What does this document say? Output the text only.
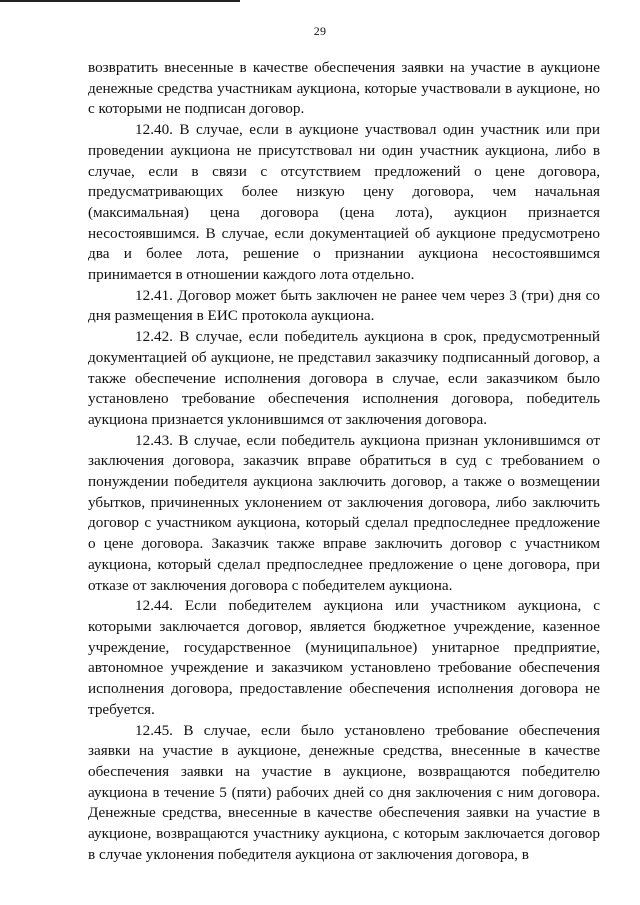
29

возвратить внесенные в качестве обеспечения заявки на участие в аукционе денежные средства участникам аукциона, которые участвовали в аукционе, но с которыми не подписан договор.

12.40. В случае, если в аукционе участвовал один участник или при проведении аукциона не присутствовал ни один участник аукциона, либо в случае, если в связи с отсутствием предложений о цене договора, предусматривающих более низкую цену договора, чем начальная (максимальная) цена договора (цена лота), аукцион признается несостоявшимся. В случае, если документацией об аукционе предусмотрено два и более лота, решение о признании аукциона несостоявшимся принимается в отношении каждого лота отдельно.

12.41. Договор может быть заключен не ранее чем через 3 (три) дня со дня размещения в ЕИС протокола аукциона.

12.42. В случае, если победитель аукциона в срок, предусмотренный документацией об аукционе, не представил заказчику подписанный договор, а также обеспечение исполнения договора в случае, если заказчиком было установлено требование обеспечения исполнения договора, победитель аукциона признается уклонившимся от заключения договора.

12.43. В случае, если победитель аукциона признан уклонившимся от заключения договора, заказчик вправе обратиться в суд с требованием о понуждении победителя аукциона заключить договор, а также о возмещении убытков, причиненных уклонением от заключения договора, либо заключить договор с участником аукциона, который сделал предпоследнее предложение о цене договора. Заказчик также вправе заключить договор с участником аукциона, который сделал предпоследнее предложение о цене договора, при отказе от заключения договора с победителем аукциона.

12.44. Если победителем аукциона или участником аукциона, с которыми заключается договор, является бюджетное учреждение, казенное учреждение, государственное (муниципальное) унитарное предприятие, автономное учреждение и заказчиком установлено требование обеспечения исполнения договора, предоставление обеспечения исполнения договора не требуется.

12.45. В случае, если было установлено требование обеспечения заявки на участие в аукционе, денежные средства, внесенные в качестве обеспечения заявки на участие в аукционе, возвращаются победителю аукциона в течение 5 (пяти) рабочих дней со дня заключения с ним договора. Денежные средства, внесенные в качестве обеспечения заявки на участие в аукционе, возвращаются участнику аукциона, с которым заключается договор в случае уклонения победителя аукциона от заключения договора, в
